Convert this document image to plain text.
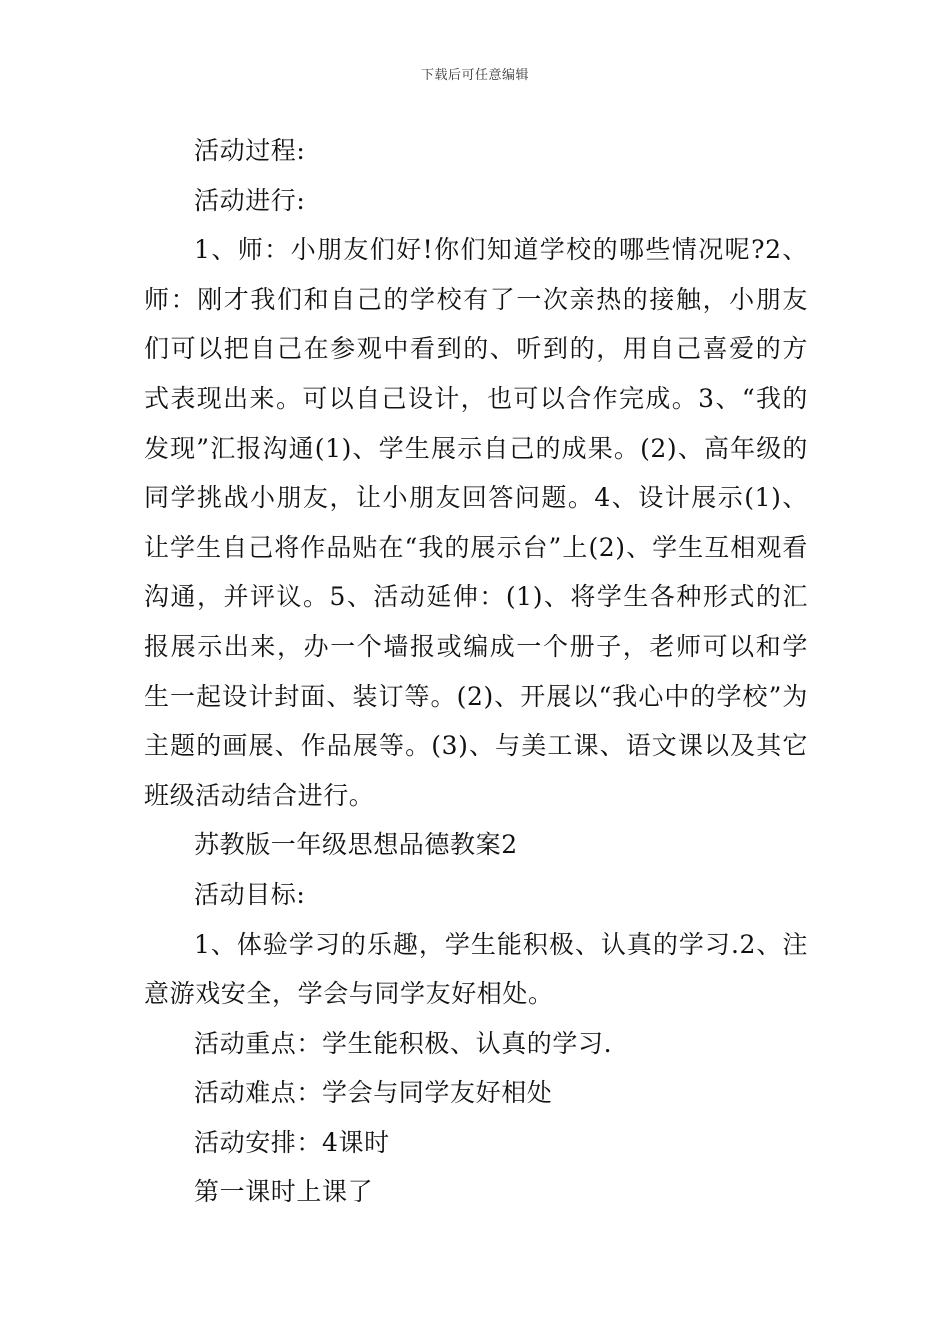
下载后可任意编辑

活动过程:

活动进行:

1、师：小朋友们好!你们知道学校的哪些情况呢?2、师：刚才我们和自己的学校有了一次亲热的接触，小朋友们可以把自己在参观中看到的、听到的，用自己喜爱的方式表现出来。可以自己设计，也可以合作完成。3、“我的发现”汇报沟通(1)、学生展示自己的成果。(2)、高年级的同学挑战小朋友，让小朋友回答问题。4、设计展示(1)、让学生自己将作品贴在“我的展示台”上(2)、学生互相观看沟通，并评议。5、活动延伸：(1)、将学生各种形式的汇报展示出来，办一个墙报或编成一个册子，老师可以和学生一起设计封面、装订等。(2)、开展以“我心中的学校”为主题的画展、作品展等。(3)、与美工课、语文课以及其它班级活动结合进行。

苏教版一年级思想品德教案2

活动目标:

1、体验学习的乐趣，学生能积极、认真的学习.2、注意游戏安全，学会与同学友好相处。

活动重点：学生能积极、认真的学习.

活动难点：学会与同学友好相处

活动安排：4课时

第一课时上课了
